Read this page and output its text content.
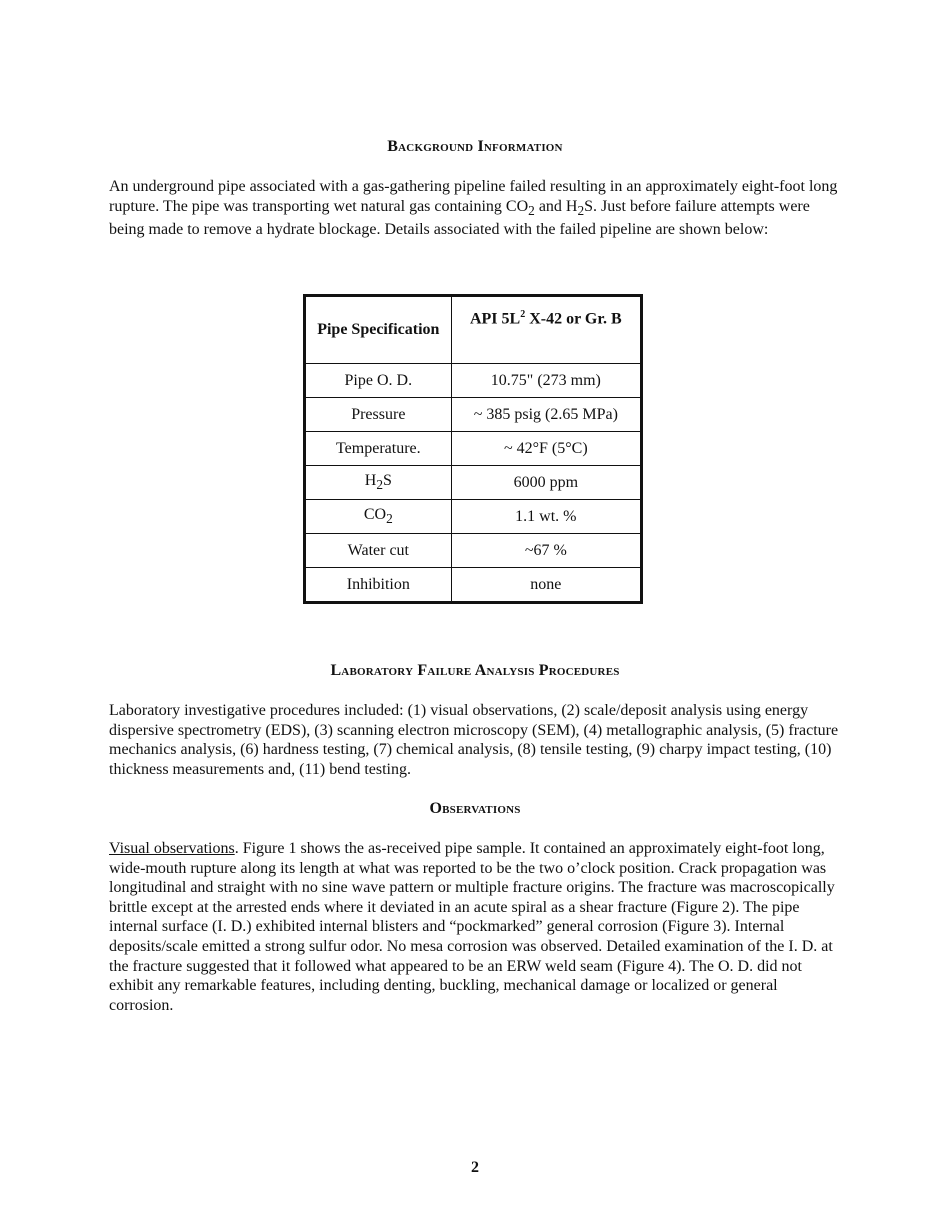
Background Information
An underground pipe associated with a gas-gathering pipeline failed resulting in an approximately eight-foot long rupture. The pipe was transporting wet natural gas containing $CO_2$ and $H_2S$. Just before failure attempts were being made to remove a hydrate blockage. Details associated with the failed pipeline are shown below:
Pipe Specification	API $5L^2$ X-42 or Gr. B
Pipe O. D.	10.75" (273 mm)
Pressure	~ 385 psig (2.65 MPa)
Temperature.	~ 42°F (5°C)
$H_2S$	6000 ppm
$CO_2$	1.1 wt. %
Water cut	~67 %
Inhibition	none
Laboratory Failure Analysis Procedures
Laboratory investigative procedures included: (1) visual observations, (2) scale/deposit analysis using energy dispersive spectrometry (EDS), (3) scanning electron microscopy (SEM), (4) metallographic analysis, (5) fracture mechanics analysis, (6) hardness testing, (7) chemical analysis, (8) tensile testing, (9) charpy impact testing, (10) thickness measurements and, (11) bend testing.
Observations
Visual observations. Figure 1 shows the as-received pipe sample. It contained an approximately eight-foot long, wide-mouth rupture along its length at what was reported to be the two o’clock position. Crack propagation was longitudinal and straight with no sine wave pattern or multiple fracture origins. The fracture was macroscopically brittle except at the arrested ends where it deviated in an acute spiral as a shear fracture (Figure 2). The pipe internal surface (I. D.) exhibited internal blisters and “pockmarked” general corrosion (Figure 3). Internal deposits/scale emitted a strong sulfur odor. No mesa corrosion was observed. Detailed examination of the I. D. at the fracture suggested that it followed what appeared to be an ERW weld seam (Figure 4). The O. D. did not exhibit any remarkable features, including denting, buckling, mechanical damage or localized or general corrosion.
2
